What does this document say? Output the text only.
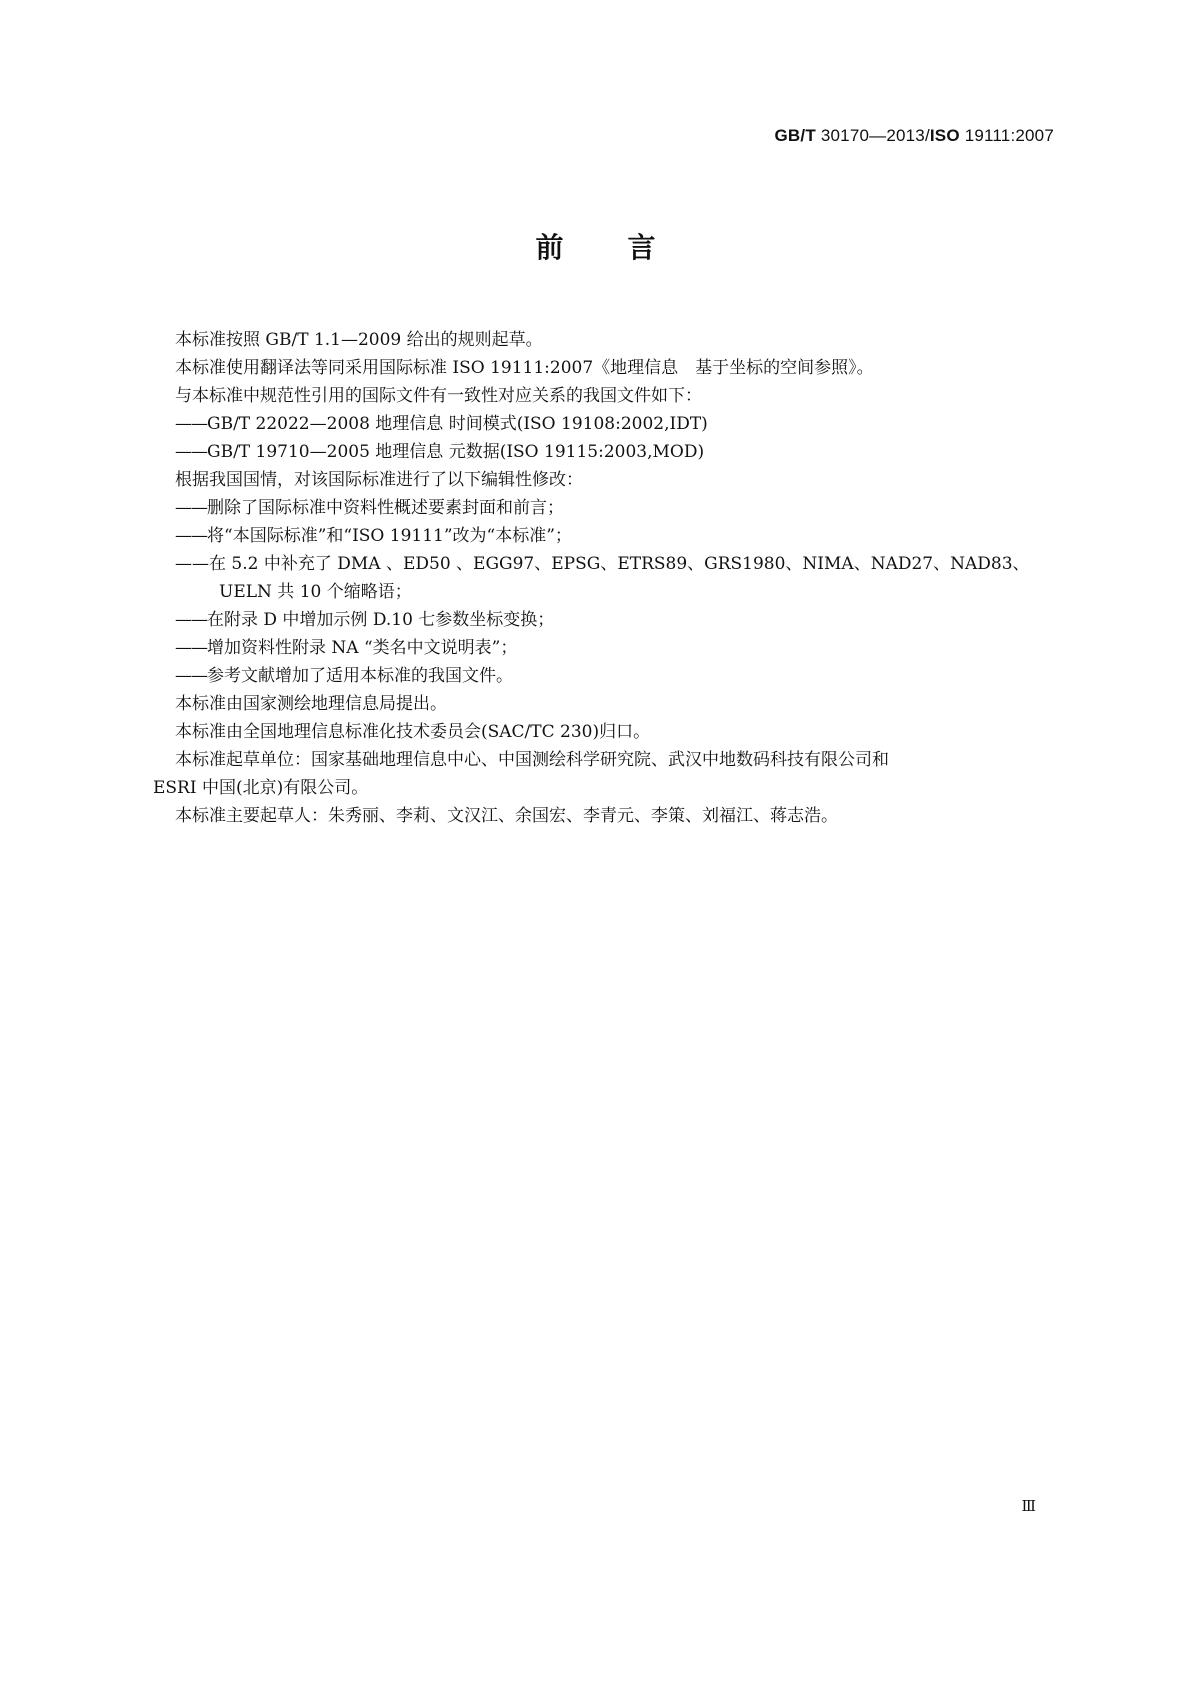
GB/T 30170—2013/ISO 19111:2007
前言

本标准按照 GB/T 1.1—2009 给出的规则起草。

本标准使用翻译法等同采用国际标准 ISO 19111:2007《地理信息　基于坐标的空间参照》。

与本标准中规范性引用的国际文件有一致性对应关系的我国文件如下：

——GB/T 22022—2008 地理信息 时间模式(ISO 19108:2002,IDT)

——GB/T 19710—2005 地理信息 元数据(ISO 19115:2003,MOD)

根据我国国情，对该国际标准进行了以下编辑性修改：

——删除了国际标准中资料性概述要素封面和前言；

——将“本国际标准”和“ISO 19111”改为“本标准”；

——在 5.2 中补充了 DMA 、ED50 、EGG97、EPSG、ETRS89、GRS1980、NIMA、NAD27、NAD83、
UELN 共 10 个缩略语；

——在附录 D 中增加示例 D.10 七参数坐标变换；

——增加资料性附录 NA “类名中文说明表”；

——参考文献增加了适用本标准的我国文件。

本标准由国家测绘地理信息局提出。

本标准由全国地理信息标准化技术委员会(SAC/TC 230)归口。

本标准起草单位：国家基础地理信息中心、中国测绘科学研究院、武汉中地数码科技有限公司和

ESRI 中国(北京)有限公司。

本标准主要起草人：朱秀丽、李莉、文汉江、余国宏、李青元、李策、刘福江、蒋志浩。

Ⅲ
